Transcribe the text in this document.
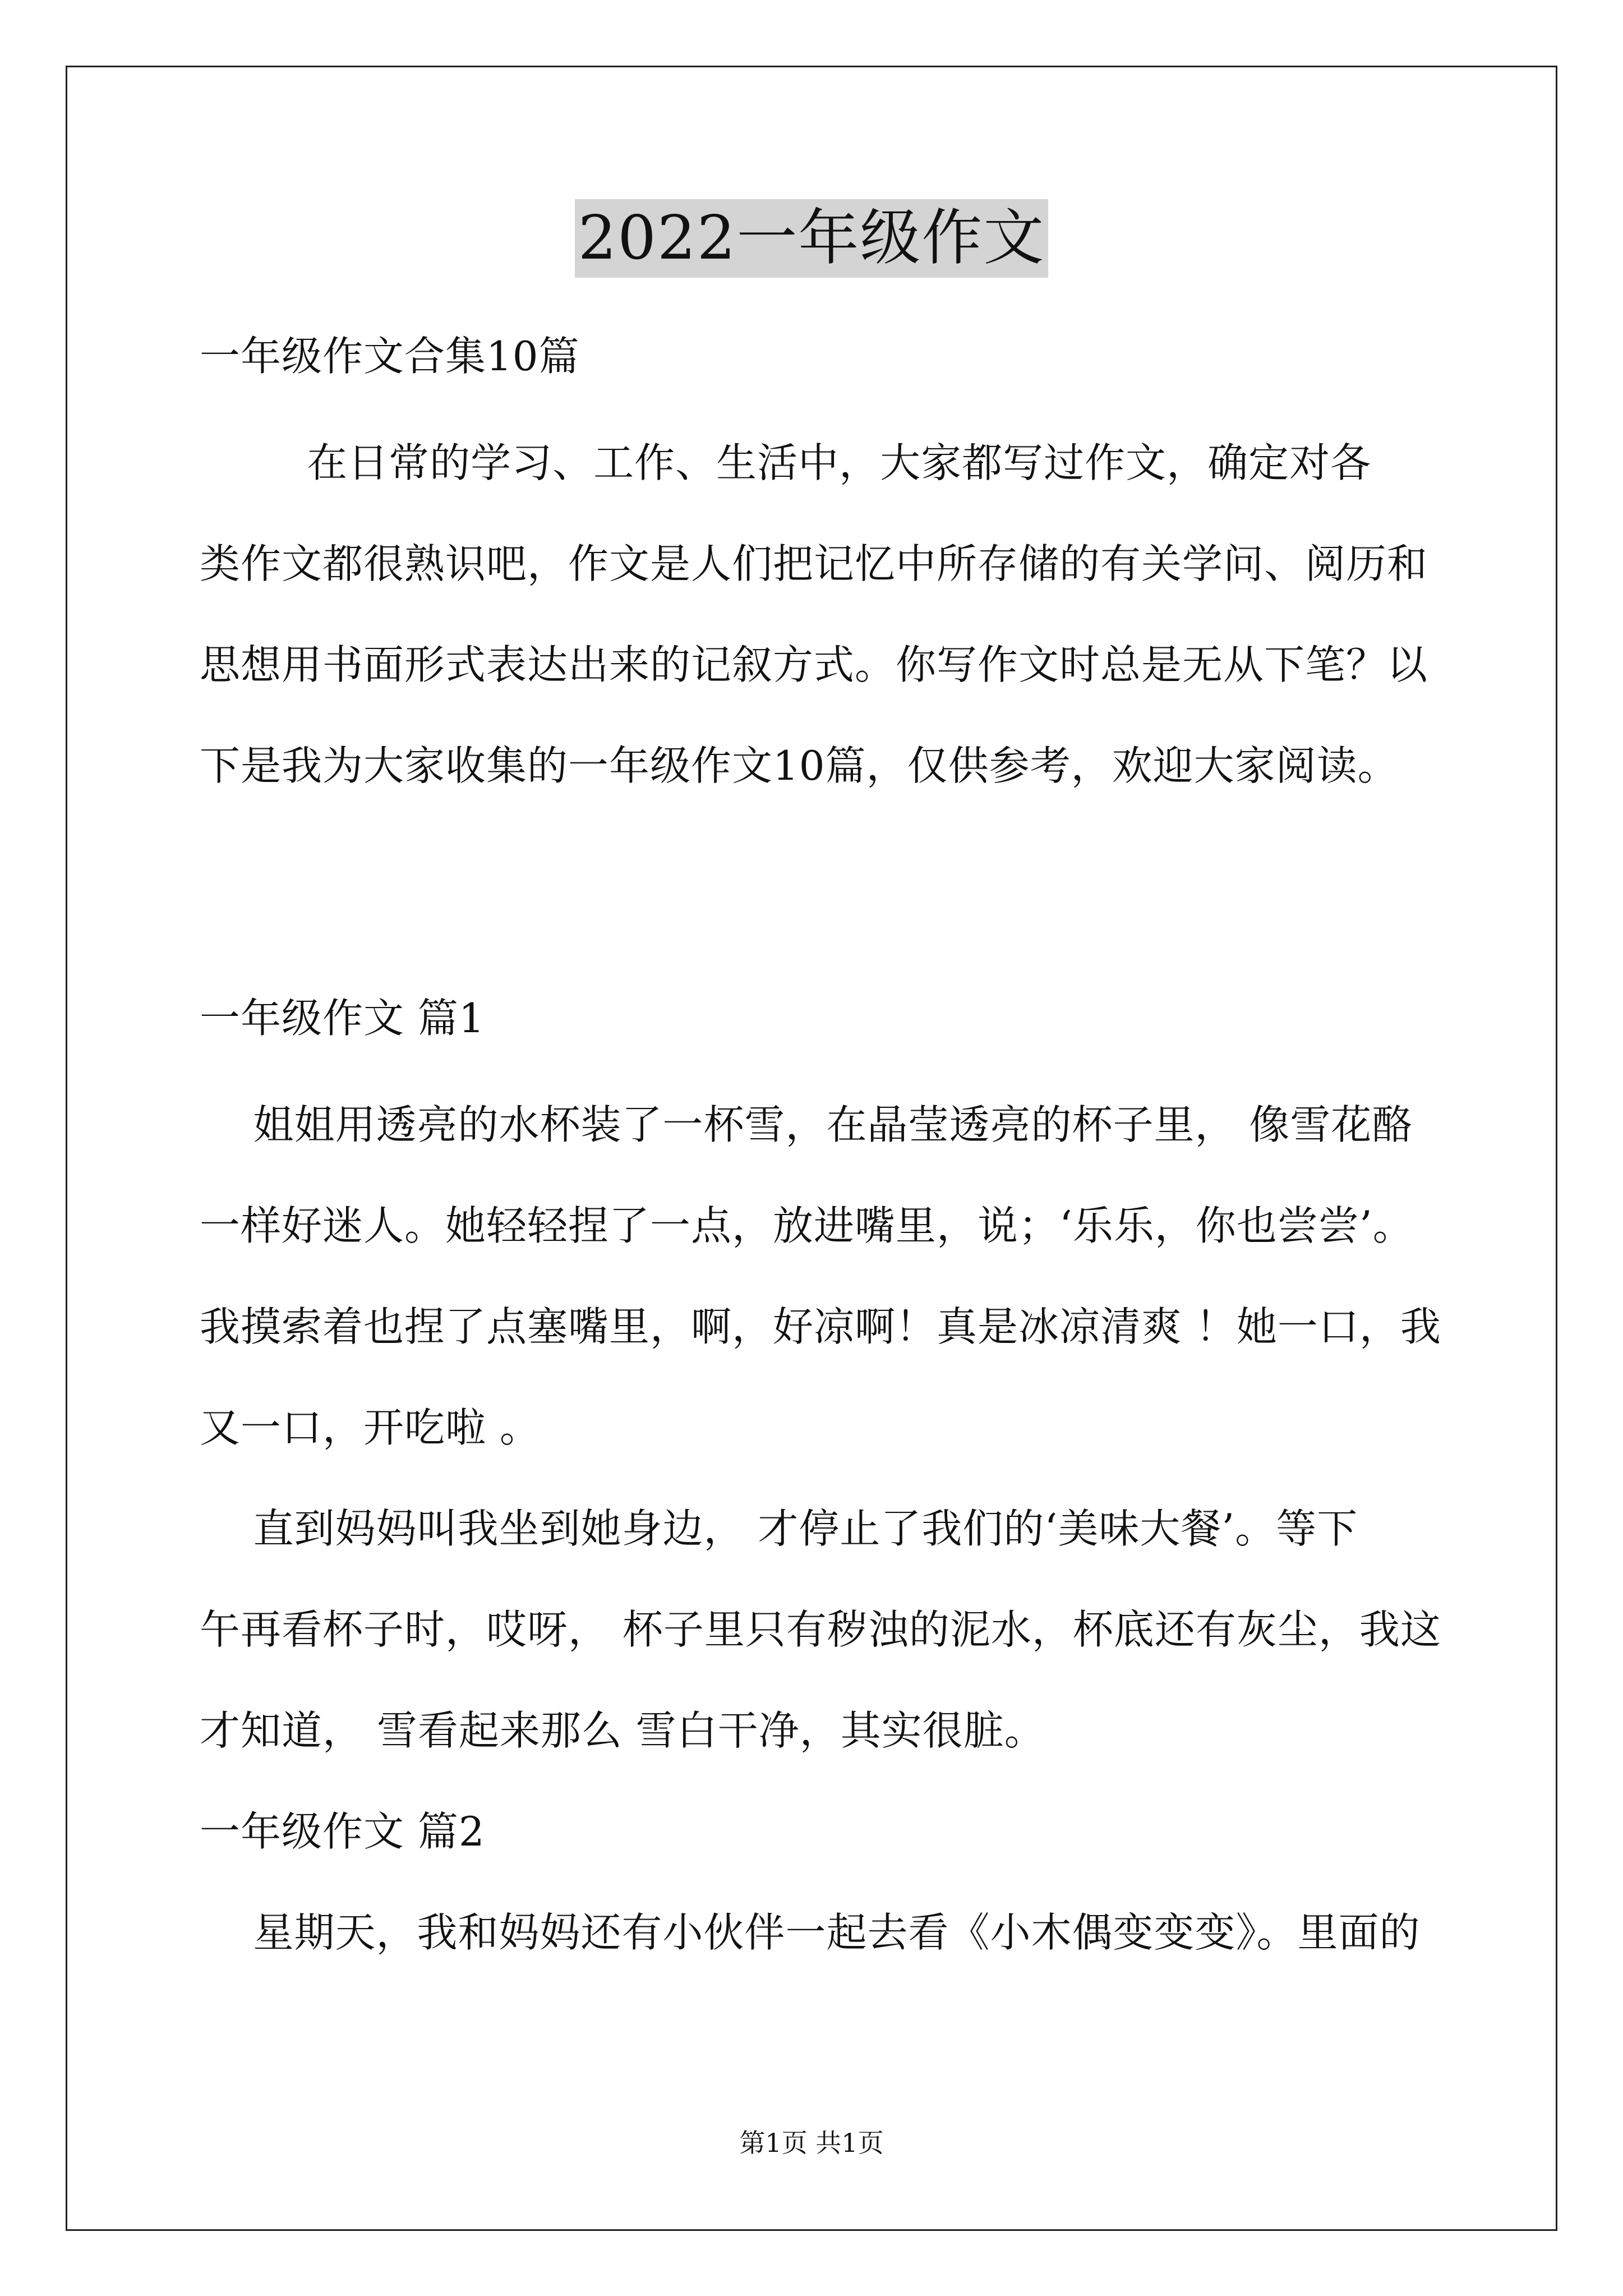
2022一年级作文
一年级作文合集10篇
在日常的学习、工作、生活中，大家都写过作文，确定对各
类作文都很熟识吧，作文是人们把记忆中所存储的有关学问、阅历和
思想用书面形式表达出来的记叙方式。你写作文时总是无从下笔？以
下是我为大家收集的一年级作文10篇，仅供参考，欢迎大家阅读。
一年级作文 篇1
姐姐用透亮的水杯装了一杯雪，在晶莹透亮的杯子里， 像雪花酪
一样好迷人。她轻轻捏了一点，放进嘴里，说；‘乐乐，你也尝尝’。
我摸索着也捏了点塞嘴里，啊，好凉啊！真是冰凉清爽 ！她一口，我
又一口，开吃啦 。
直到妈妈叫我坐到她身边， 才停止了我们的‘美味大餐’。等下
午再看杯子时，哎呀， 杯子里只有秽浊的泥水，杯底还有灰尘，我这
才知道， 雪看起来那么 雪白干净，其实很脏。
一年级作文 篇2
星期天，我和妈妈还有小伙伴一起去看《小木偶变变变》。里面的
第1页 共1页
